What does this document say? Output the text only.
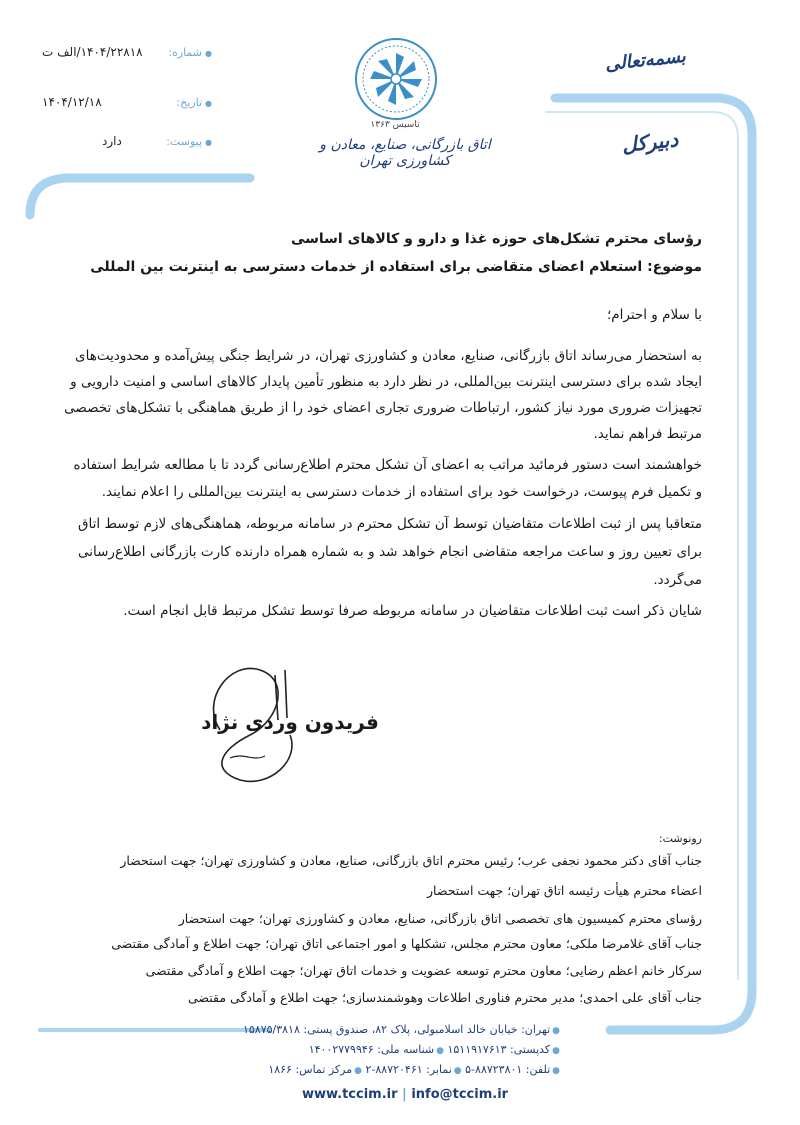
●شماره:
۱۴۰۴/۲۲۸۱۸/الف ت
●تاریخ:
۱۴۰۴/۱۲/۱۸
●پیوست:
دارد
تاسیس ۱۳۶۳
اتاق بازرگانی، صنایع، معادن و کشاورزی تهران
بسمه‌تعالی
دبیرکل
رؤسای محترم تشکل‌های حوزه غذا و دارو و کالاهای اساسی
موضوع: استعلام اعضای متقاضی برای استفاده از خدمات دسترسی به اینترنت بین المللی
با سلام و احترام؛
به استحضار می‌رساند اتاق بازرگانی، صنایع، معادن و کشاورزی تهران، در شرایط جنگی پیش‌آمده و محدودیت‌های
ایجاد شده برای دسترسی اینترنت بین‌المللی، در نظر دارد به منظور تأمین پایدار کالاهای اساسی و امنیت دارویی و
تجهیزات ضروری مورد نیاز کشور، ارتباطات ضروری تجاری اعضای خود را از طریق هماهنگی با تشکل‌های تخصصی
مرتبط فراهم نماید.
خواهشمند است دستور فرمائید مراتب به اعضای آن تشکل محترم اطلاع‌رسانی گردد تا با مطالعه شرایط استفاده
و تکمیل فرم پیوست، درخواست خود برای استفاده از خدمات دسترسی به اینترنت بین‌المللی را اعلام نمایند.
متعاقبا پس از ثبت اطلاعات متقاضیان توسط آن تشکل محترم در سامانه مربوطه، هماهنگی‌های لازم توسط اتاق
برای تعیین روز و ساعت مراجعه متقاضی انجام خواهد شد و به شماره همراه دارنده کارت بازرگانی اطلاع‌رسانی
می‌گردد.
شایان ذکر است ثبت اطلاعات متقاضیان در سامانه مربوطه صرفا توسط تشکل مرتبط قابل انجام است.
فریدون وردی نژاد
رونوشت:
جناب آقای دکتر محمود نجفی عرب؛ رئیس محترم اتاق بازرگانی، صنایع، معادن و کشاورزی تهران؛ جهت استحضار
اعضاء محترم هیأت رئیسه اتاق تهران؛ جهت استحضار
رؤسای محترم کمیسیون های تخصصی اتاق بازرگانی، صنایع، معادن و کشاورزی تهران؛ جهت استحضار
جناب آقای غلامرضا ملکی؛ معاون محترم مجلس، تشکلها و امور اجتماعی اتاق تهران؛ جهت اطلاع و آمادگی مقتضی
سرکار خانم اعظم رضایی؛ معاون محترم توسعه عضویت و خدمات اتاق تهران؛ جهت اطلاع و آمادگی مقتضی
جناب آقای علی احمدی؛ مدیر محترم فناوری اطلاعات وهوشمندسازی؛ جهت اطلاع و آمادگی مقتضی
●تهران: خیابان خالد اسلامبولی، پلاک ۸۲، صندوق پستی: ۱۵۸۷۵/۳۸۱۸
●کدپستی: ۱۵۱۱۹۱۷۶۱۳ ●شناسه ملی: ۱۴۰۰۲۷۷۹۹۴۶
●تلفن: ۸۸۷۲۳۸۰۱-۵ ●نمابر: ۸۸۷۲۰۴۶۱-۲ ●مرکز تماس: ۱۸۶۶
www.tccim.ir | info@tccim.ir
